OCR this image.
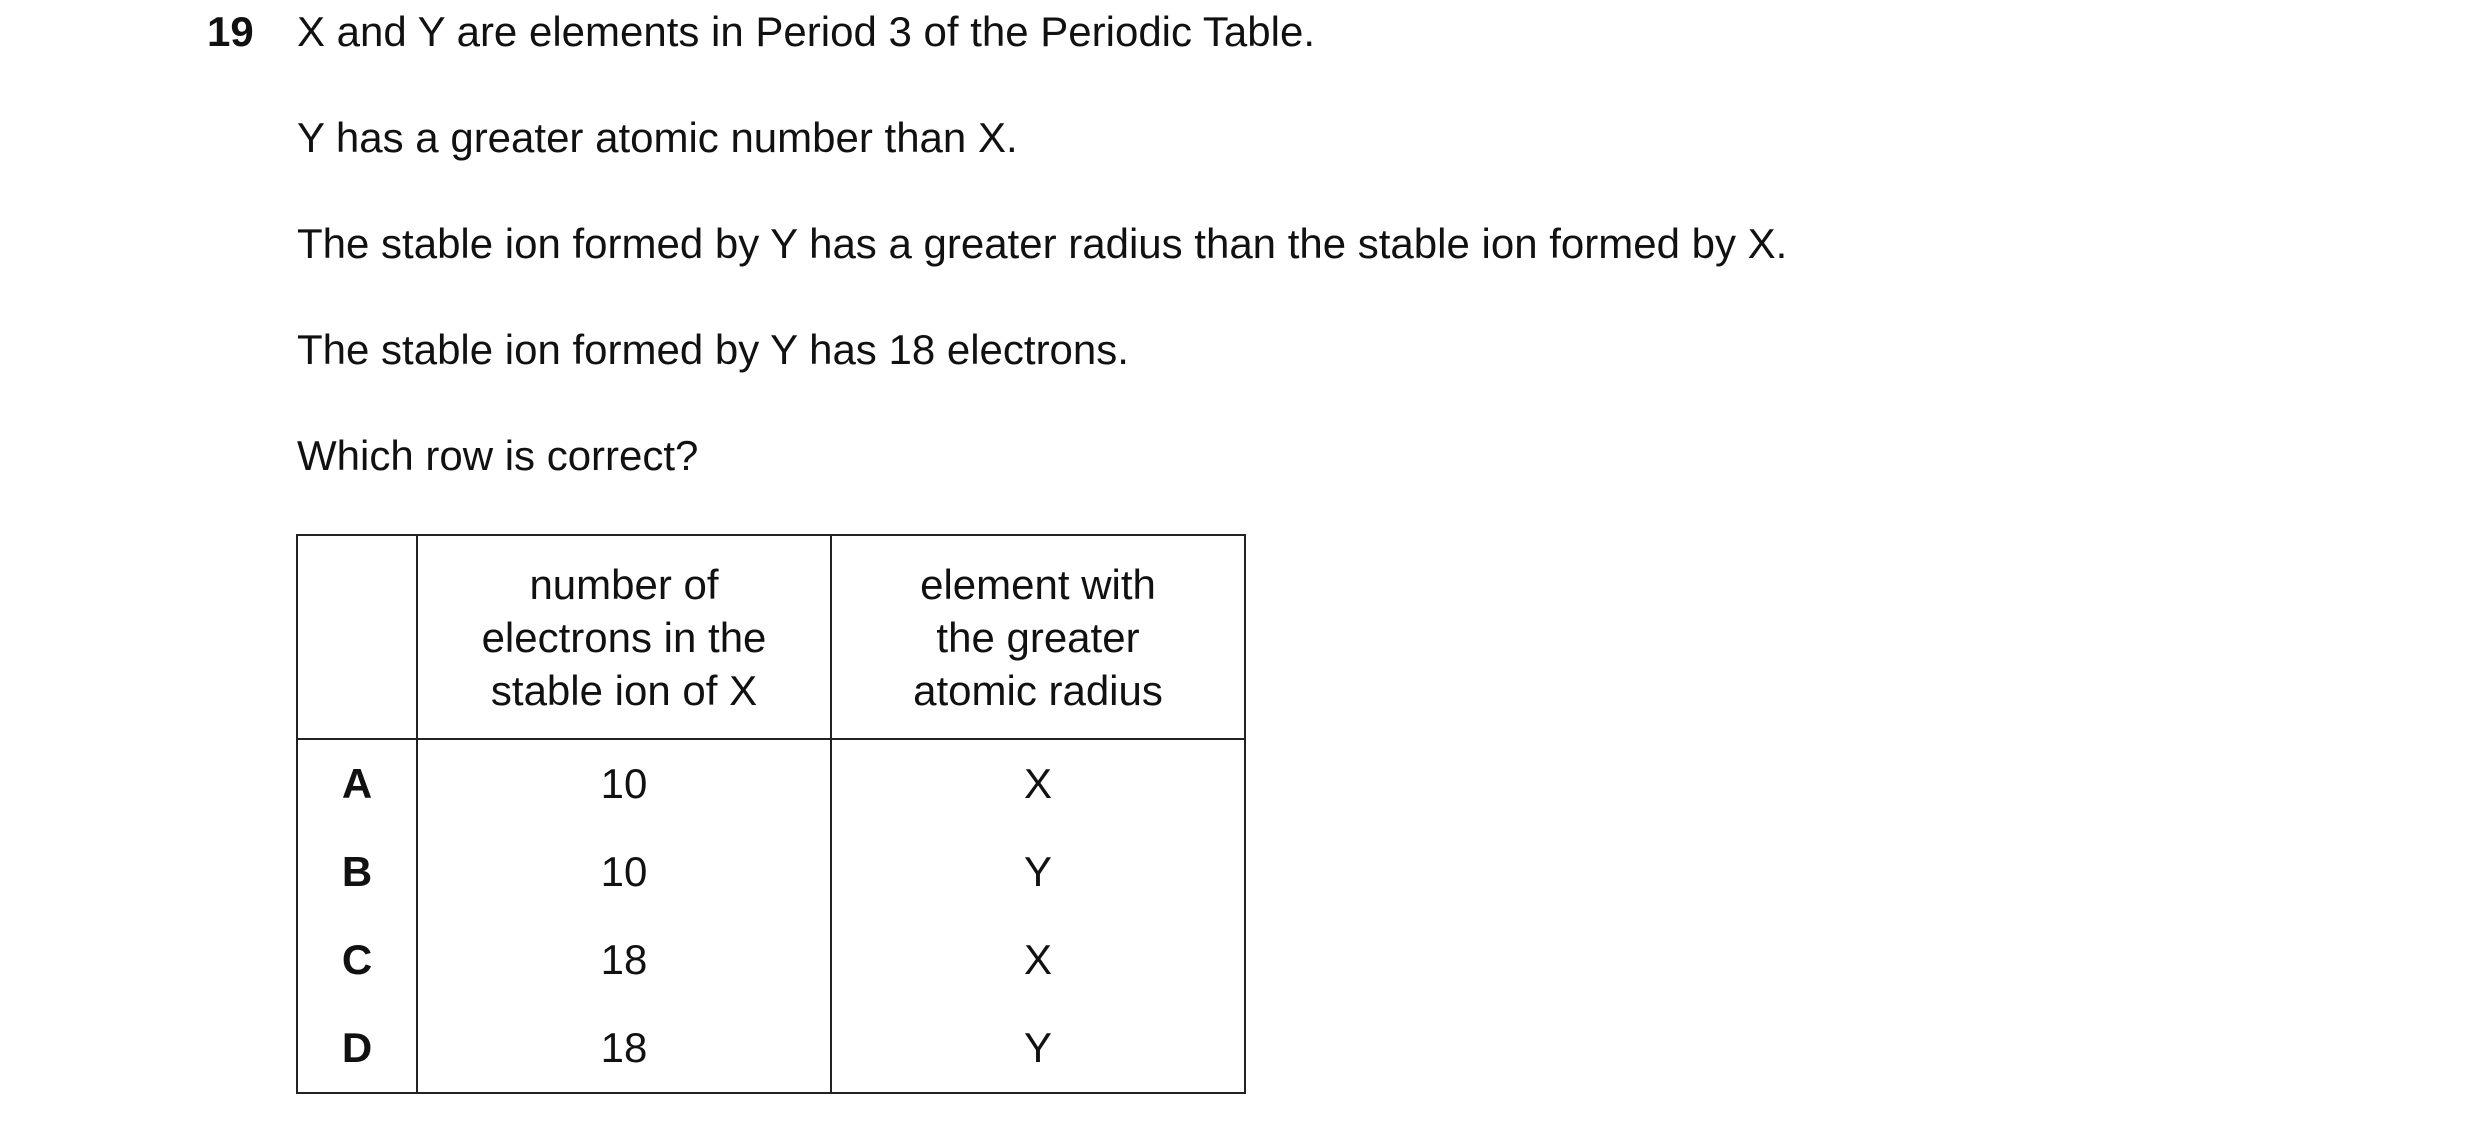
19 X and Y are elements in Period 3 of the Periodic Table.
Y has a greater atomic number than X.
The stable ion formed by Y has a greater radius than the stable ion formed by X.
The stable ion formed by Y has 18 electrons.
Which row is correct?
	number of
electrons in the
stable ion of X	element with
the greater
atomic radius
A	10	X
B	10	Y
C	18	X
D	18	Y
